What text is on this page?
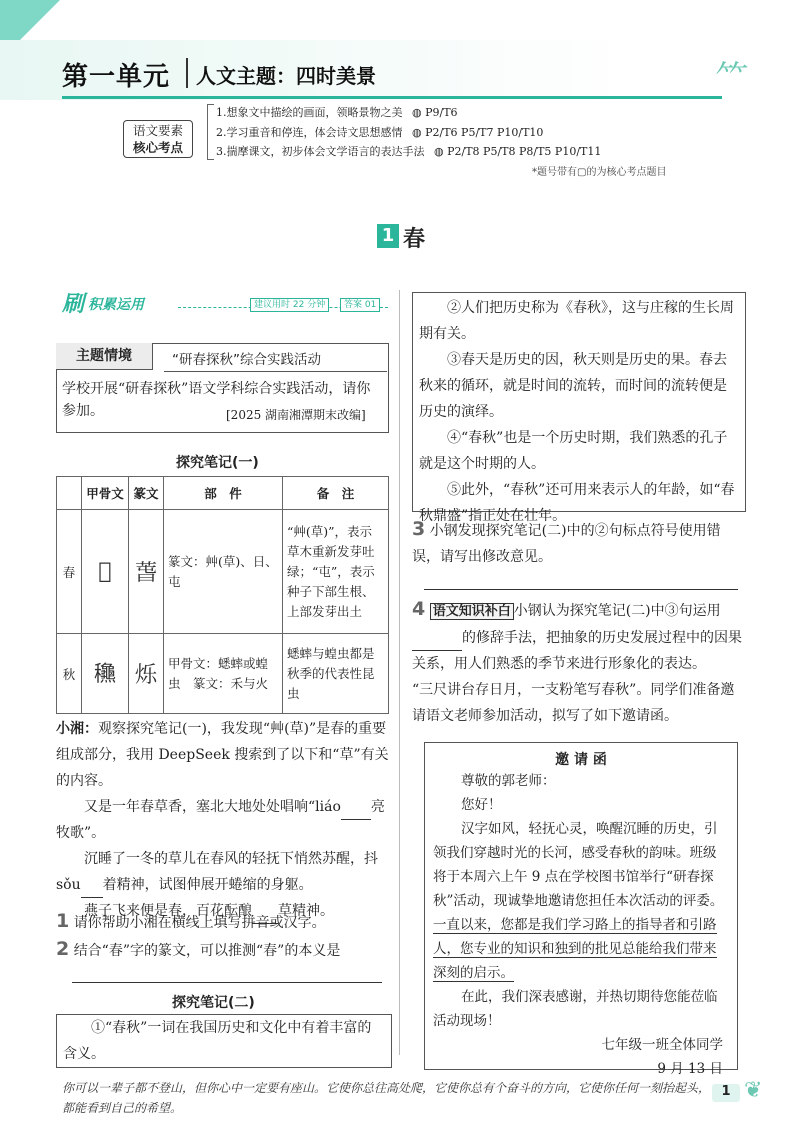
第一单元 人文主题：四时美景	⺮
语文要素
核心考点
1.想象文中描绘的画面，领略景物之美 ◍ P9/T6
2.学习重音和停连，体会诗文思想感情 ◍ P2/T6 P5/T7 P10/T10
3.揣摩课文，初步体会文学语言的表达手法 ◍ P2/T8 P5/T8 P8/T5 P10/T11
*题号带有▢的为核心考点题目
1 春
刷 积累运用	建议用时 22 分钟	答案 01
主题情境	“研春探秋”综合实践活动
学校开展“研春探秋”语文学科综合实践活动，请你参加。	[2025 湖南湘潭期末改编]
探究笔记(一)
	甲骨文	篆文	部　件	备　注
春	𣆀	萅	篆文：艸(草)、日、屯	“艸(草)”，表示草木重新发芽吐绿；“屯”，表示种子下部生根、上部发芽出土
秋	𥤚	烁	甲骨文：蟋蟀或蝗虫　篆文：禾与火	蟋蟀与蝗虫都是秋季的代表性昆虫
小湘：观察探究笔记(一)，我发现“艸(草)”是春的重要组成部分，我用 DeepSeek 搜索到了以下和“草”有关的内容。
又是一年春草香，塞北大地处处唱响“liáo 亮牧歌”。
沉睡了一冬的草儿在春风的轻抚下悄然苏醒，抖 sǒu 着精神，试图伸展开蜷缩的身躯。
燕子飞来便是春，百花酝酿 草精神。
1 请你帮助小湘在横线上填写拼音或汉字。
2 结合“春”字的篆文，可以推测“春”的本义是
探究笔记(二)
①“春秋”一词在我国历史和文化中有着丰富的含义。
②人们把历史称为《春秋》，这与庄稼的生长周期有关。
③春天是历史的因，秋天则是历史的果。春去秋来的循环，就是时间的流转，而时间的流转便是历史的演绎。
④“春秋”也是一个历史时期，我们熟悉的孔子就是这个时期的人。
⑤此外，“春秋”还可用来表示人的年龄，如“春秋鼎盛”指正处在壮年。
3 小钢发现探究笔记(二)中的②句标点符号使用错误，请写出修改意见。
4 语文知识补白 小钢认为探究笔记(二)中③句运用的修辞手法，把抽象的历史发展过程中的因果关系，用人们熟悉的季节来进行形象化的表达。
“三尺讲台存日月，一支粉笔写春秋”。同学们准备邀请语文老师参加活动，拟写了如下邀请函。
邀 请 函
尊敬的郭老师：
您好！
汉字如风，轻抚心灵，唤醒沉睡的历史，引领我们穿越时光的长河，感受春秋的韵味。班级将于本周六上午 9 点在学校图书馆举行“研春探秋”活动，现诚挚地邀请您担任本次活动的评委。一直以来，您都是我们学习路上的指导者和引路人，您专业的知识和独到的批见总能给我们带来深刻的启示。
在此，我们深表感谢，并热切期待您能莅临活动现场！
七年级一班全体同学
9 月 13 日
你可以一辈子都不登山，但你心中一定要有座山。它使你总往高处爬，它使你总有个奋斗的方向，它使你任何一刻抬起头，都能看到自己的希望。
1 ❦
